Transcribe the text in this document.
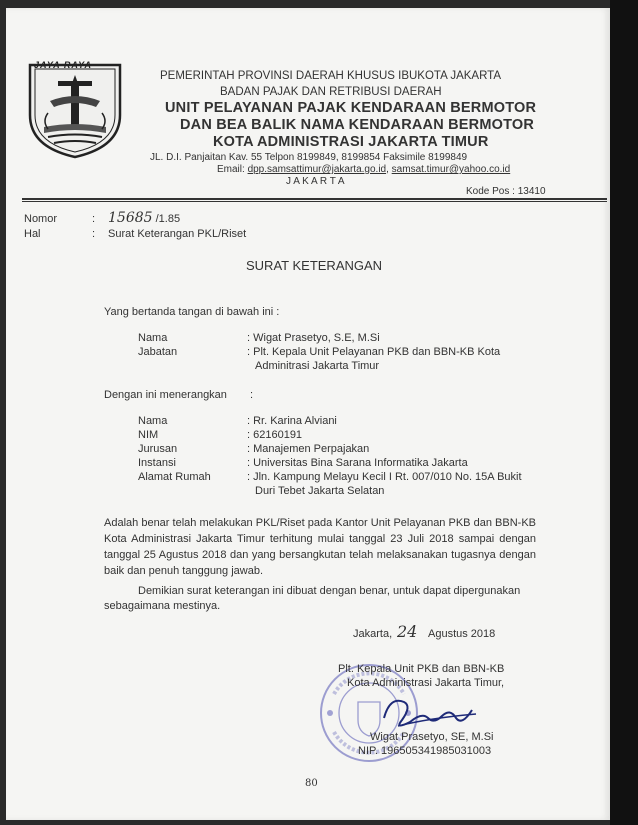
JAYA RAYA
PEMERINTAH PROVINSI DAERAH KHUSUS IBUKOTA JAKARTA
BADAN PAJAK DAN RETRIBUSI DAERAH
UNIT PELAYANAN PAJAK KENDARAAN BERMOTOR
DAN BEA BALIK NAMA KENDARAAN BERMOTOR
KOTA ADMINISTRASI JAKARTA TIMUR
JL. D.I. Panjaitan Kav. 55 Telpon 8199849, 8199854 Faksimile 8199849
Email: dpp.samsattimur@jakarta.go.id, samsat.timur@yahoo.co.id
J A K A R T A
Kode Pos : 13410
Nomor	: 15685 /1.85
Hal	: Surat Keterangan PKL/Riset
SURAT KETERANGAN
Yang bertanda tangan di bawah ini :
Nama	: Wigat Prasetyo, S.E, M.Si
Jabatan	: Plt. Kepala Unit Pelayanan PKB dan BBN-KB Kota
Adminitrasi Jakarta Timur
Dengan ini menerangkan :
Nama	: Rr. Karina Alviani
NIM	: 62160191
Jurusan	: Manajemen Perpajakan
Instansi	: Universitas Bina Sarana Informatika Jakarta
Alamat Rumah	: Jln. Kampung Melayu Kecil I Rt. 007/010 No. 15A Bukit
Duri Tebet Jakarta Selatan
Adalah benar telah melakukan PKL/Riset pada Kantor Unit Pelayanan PKB dan BBN-KB Kota Administrasi Jakarta Timur terhitung mulai tanggal 23 Juli 2018 sampai dengan tanggal 25 Agustus 2018 dan yang bersangkutan telah melaksanakan tugasnya dengan baik dan penuh tanggung jawab.
Demikian surat keterangan ini dibuat dengan benar, untuk dapat dipergunakan
sebagaimana mestinya.
Jakarta, 24 Agustus 2018
Plt. Kepala Unit PKB dan BBN-KB
Kota Administrasi Jakarta Timur,
Wigat Prasetyo, SE, M.Si
NIP. 196505341985031003
80
